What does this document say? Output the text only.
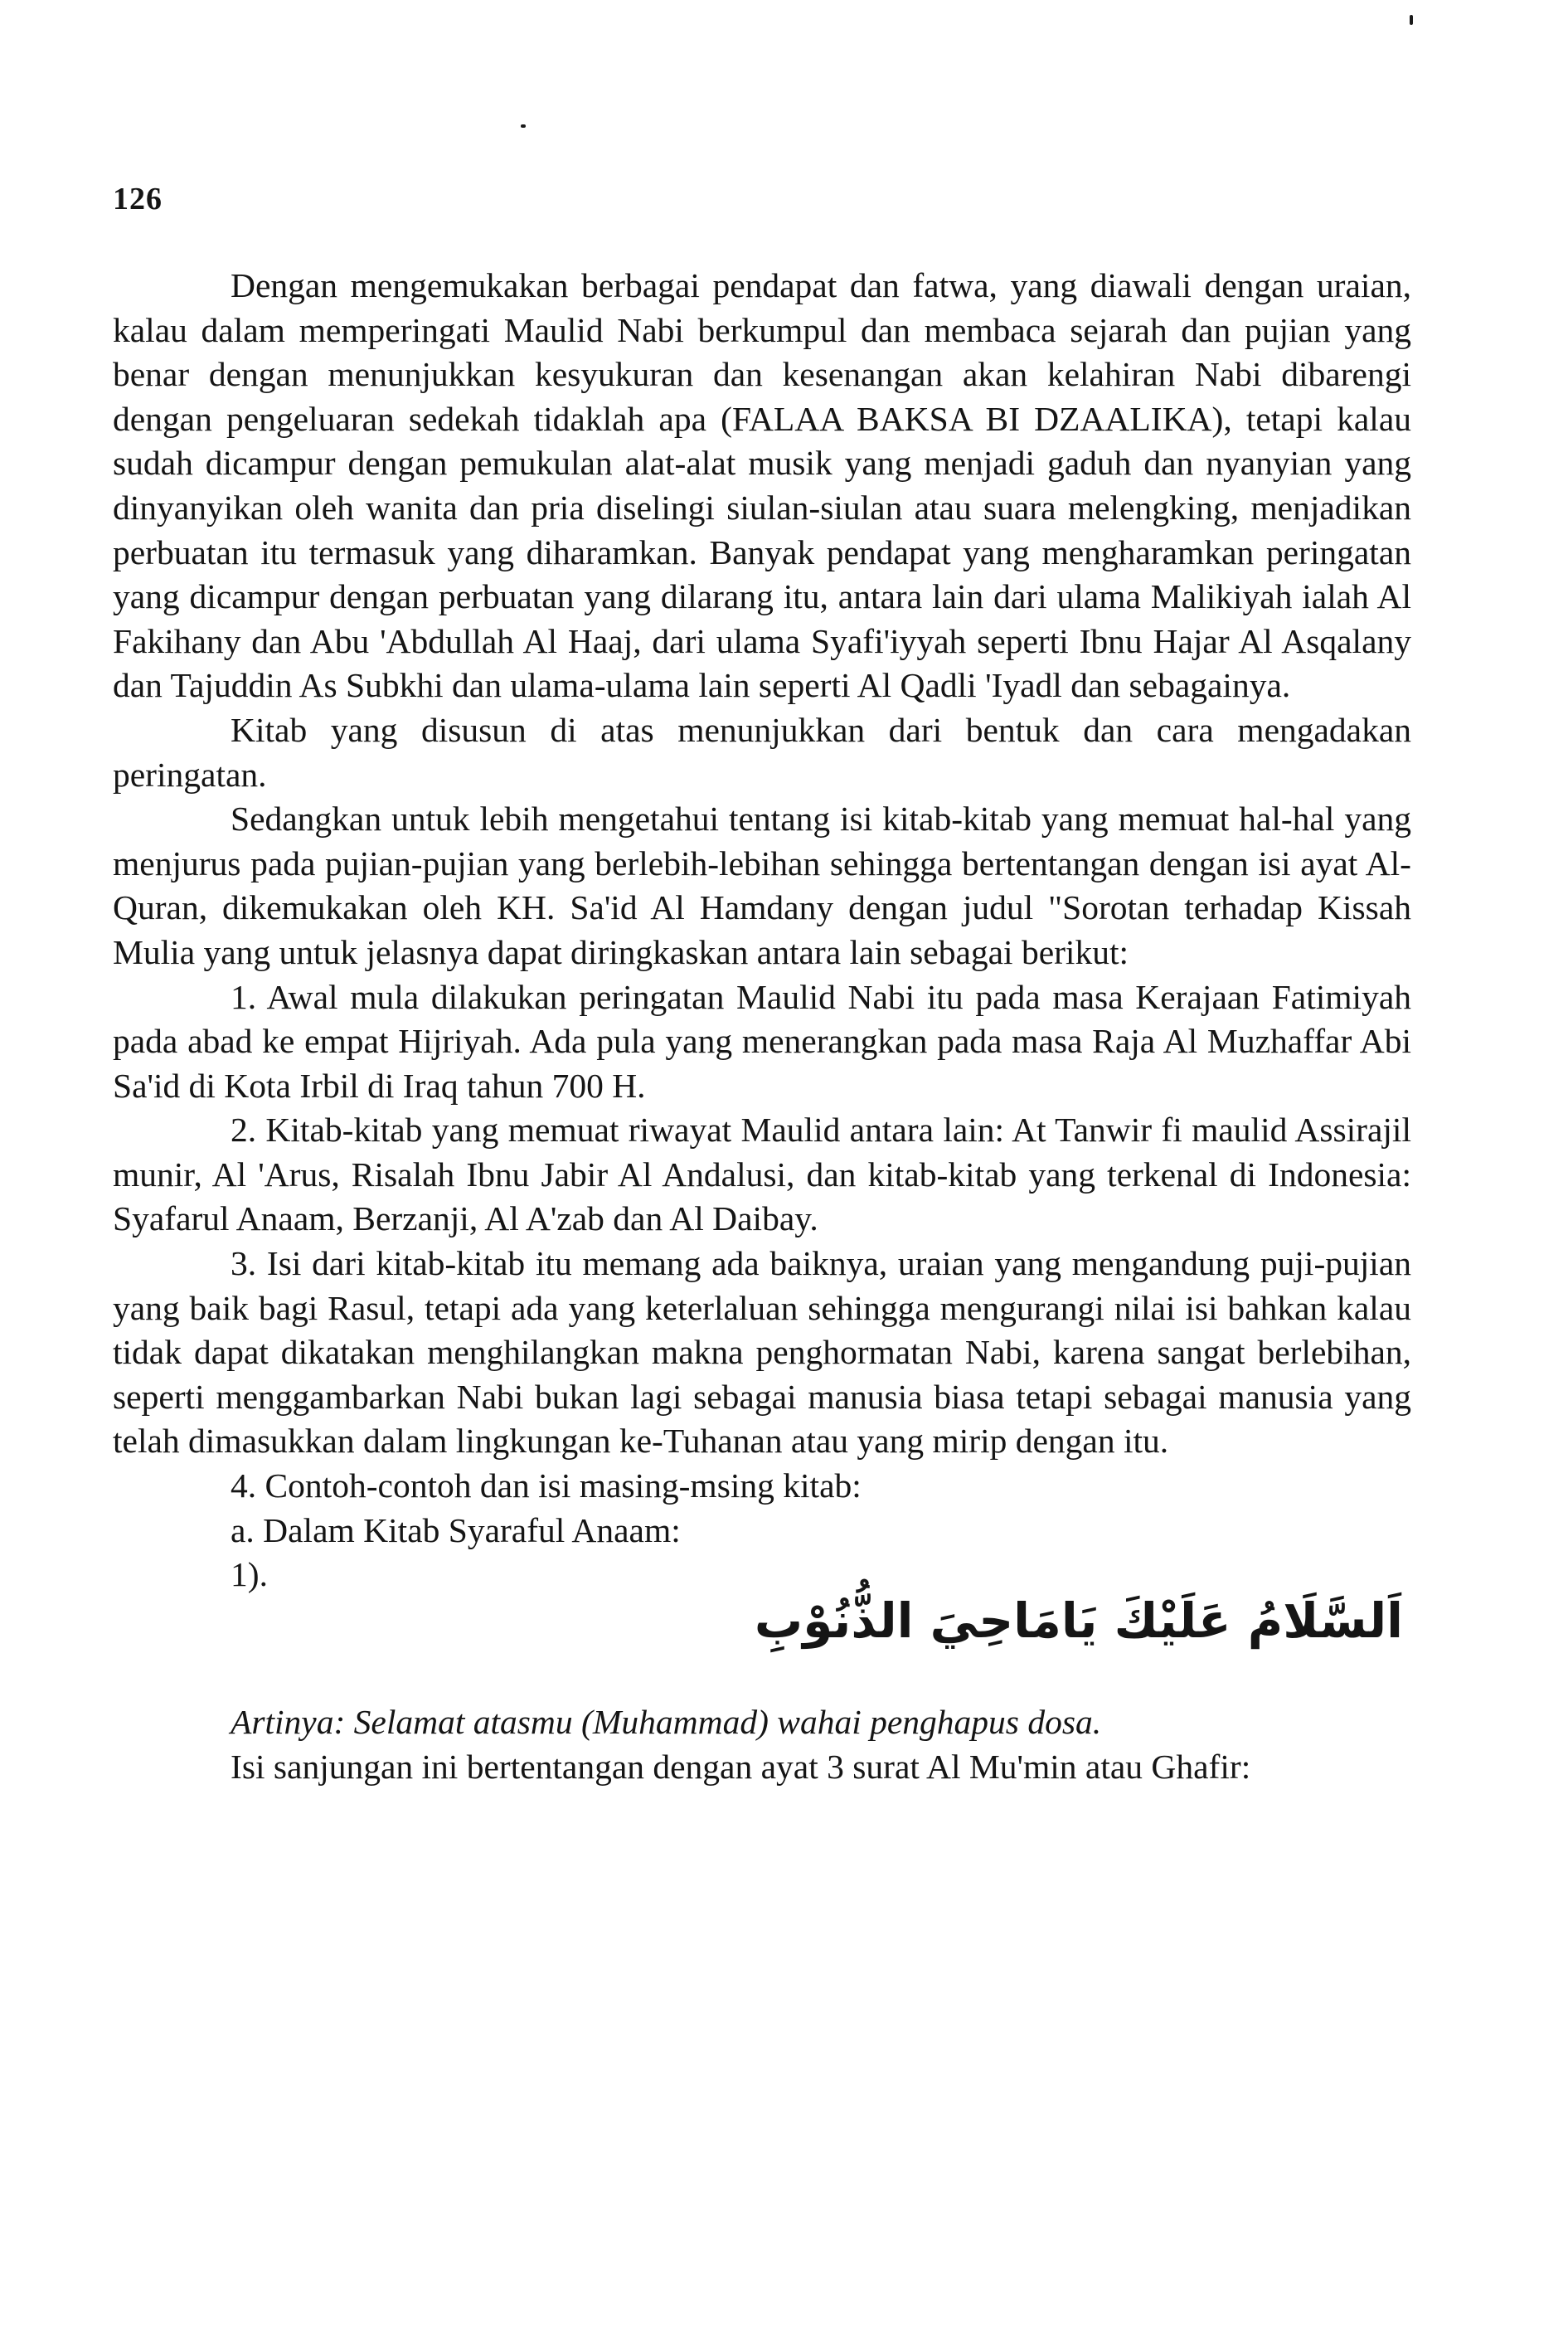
126

Dengan mengemukakan berbagai pendapat dan fatwa, yang diawali dengan uraian, kalau dalam memperingati Maulid Nabi berkumpul dan membaca sejarah dan pujian yang benar dengan menunjukkan kesyukuran dan kesenangan akan kelahiran Nabi dibarengi dengan pengeluaran sedekah tidaklah apa (FALAA BAKSA BI DZAALIKA), tetapi kalau sudah dicampur dengan pemukulan alat-alat musik yang menjadi gaduh dan nyanyian yang dinyanyikan oleh wanita dan pria diselingi siulan-siulan atau suara melengking, menjadikan perbuatan itu termasuk yang diharamkan. Banyak pendapat yang mengharamkan peringatan yang dicampur dengan perbuatan yang dilarang itu, antara lain dari ulama Malikiyah ialah Al Fakihany dan Abu 'Abdullah Al Haaj, dari ulama Syafi'iyyah seperti Ibnu Hajar Al Asqalany dan Tajuddin As Subkhi dan ulama-ulama lain seperti Al Qadli 'Iyadl dan sebagainya.

Kitab yang disusun di atas menunjukkan dari bentuk dan cara mengadakan peringatan.

Sedangkan untuk lebih mengetahui tentang isi kitab-kitab yang memuat hal-hal yang menjurus pada pujian-pujian yang berlebih-lebihan sehingga bertentangan dengan isi ayat Al-Quran, dikemukakan oleh KH. Sa'id Al Hamdany dengan judul "Sorotan terhadap Kissah Mulia yang untuk jelasnya dapat diringkaskan antara lain sebagai berikut:

1. Awal mula dilakukan peringatan Maulid Nabi itu pada masa Kerajaan Fatimiyah pada abad ke empat Hijriyah. Ada pula yang menerangkan pada masa Raja Al Muzhaffar Abi Sa'id di Kota Irbil di Iraq tahun 700 H.

2. Kitab-kitab yang memuat riwayat Maulid antara lain: At Tanwir fi maulid Assirajil munir, Al 'Arus, Risalah Ibnu Jabir Al Andalusi, dan kitab-kitab yang terkenal di Indonesia: Syafarul Anaam, Berzanji, Al A'zab dan Al Daibay.

3. Isi dari kitab-kitab itu memang ada baiknya, uraian yang mengandung puji-pujian yang baik bagi Rasul, tetapi ada yang keterlaluan sehingga mengurangi nilai isi bahkan kalau tidak dapat dikatakan menghilangkan makna penghormatan Nabi, karena sangat berlebihan, seperti menggambarkan Nabi bukan lagi sebagai manusia biasa tetapi sebagai manusia yang telah dimasukkan dalam lingkungan ke-Tuhanan atau yang mirip dengan itu.

4. Contoh-contoh dan isi masing-msing kitab:

a. Dalam Kitab Syaraful Anaam:

1).
اَلسَّلَامُ عَلَيْكَ يَامَاحِيَ الذُّنُوْبِ

Artinya: Selamat atasmu (Muhammad) wahai penghapus dosa.

Isi sanjungan ini bertentangan dengan ayat 3 surat Al Mu'min atau Ghafir:
